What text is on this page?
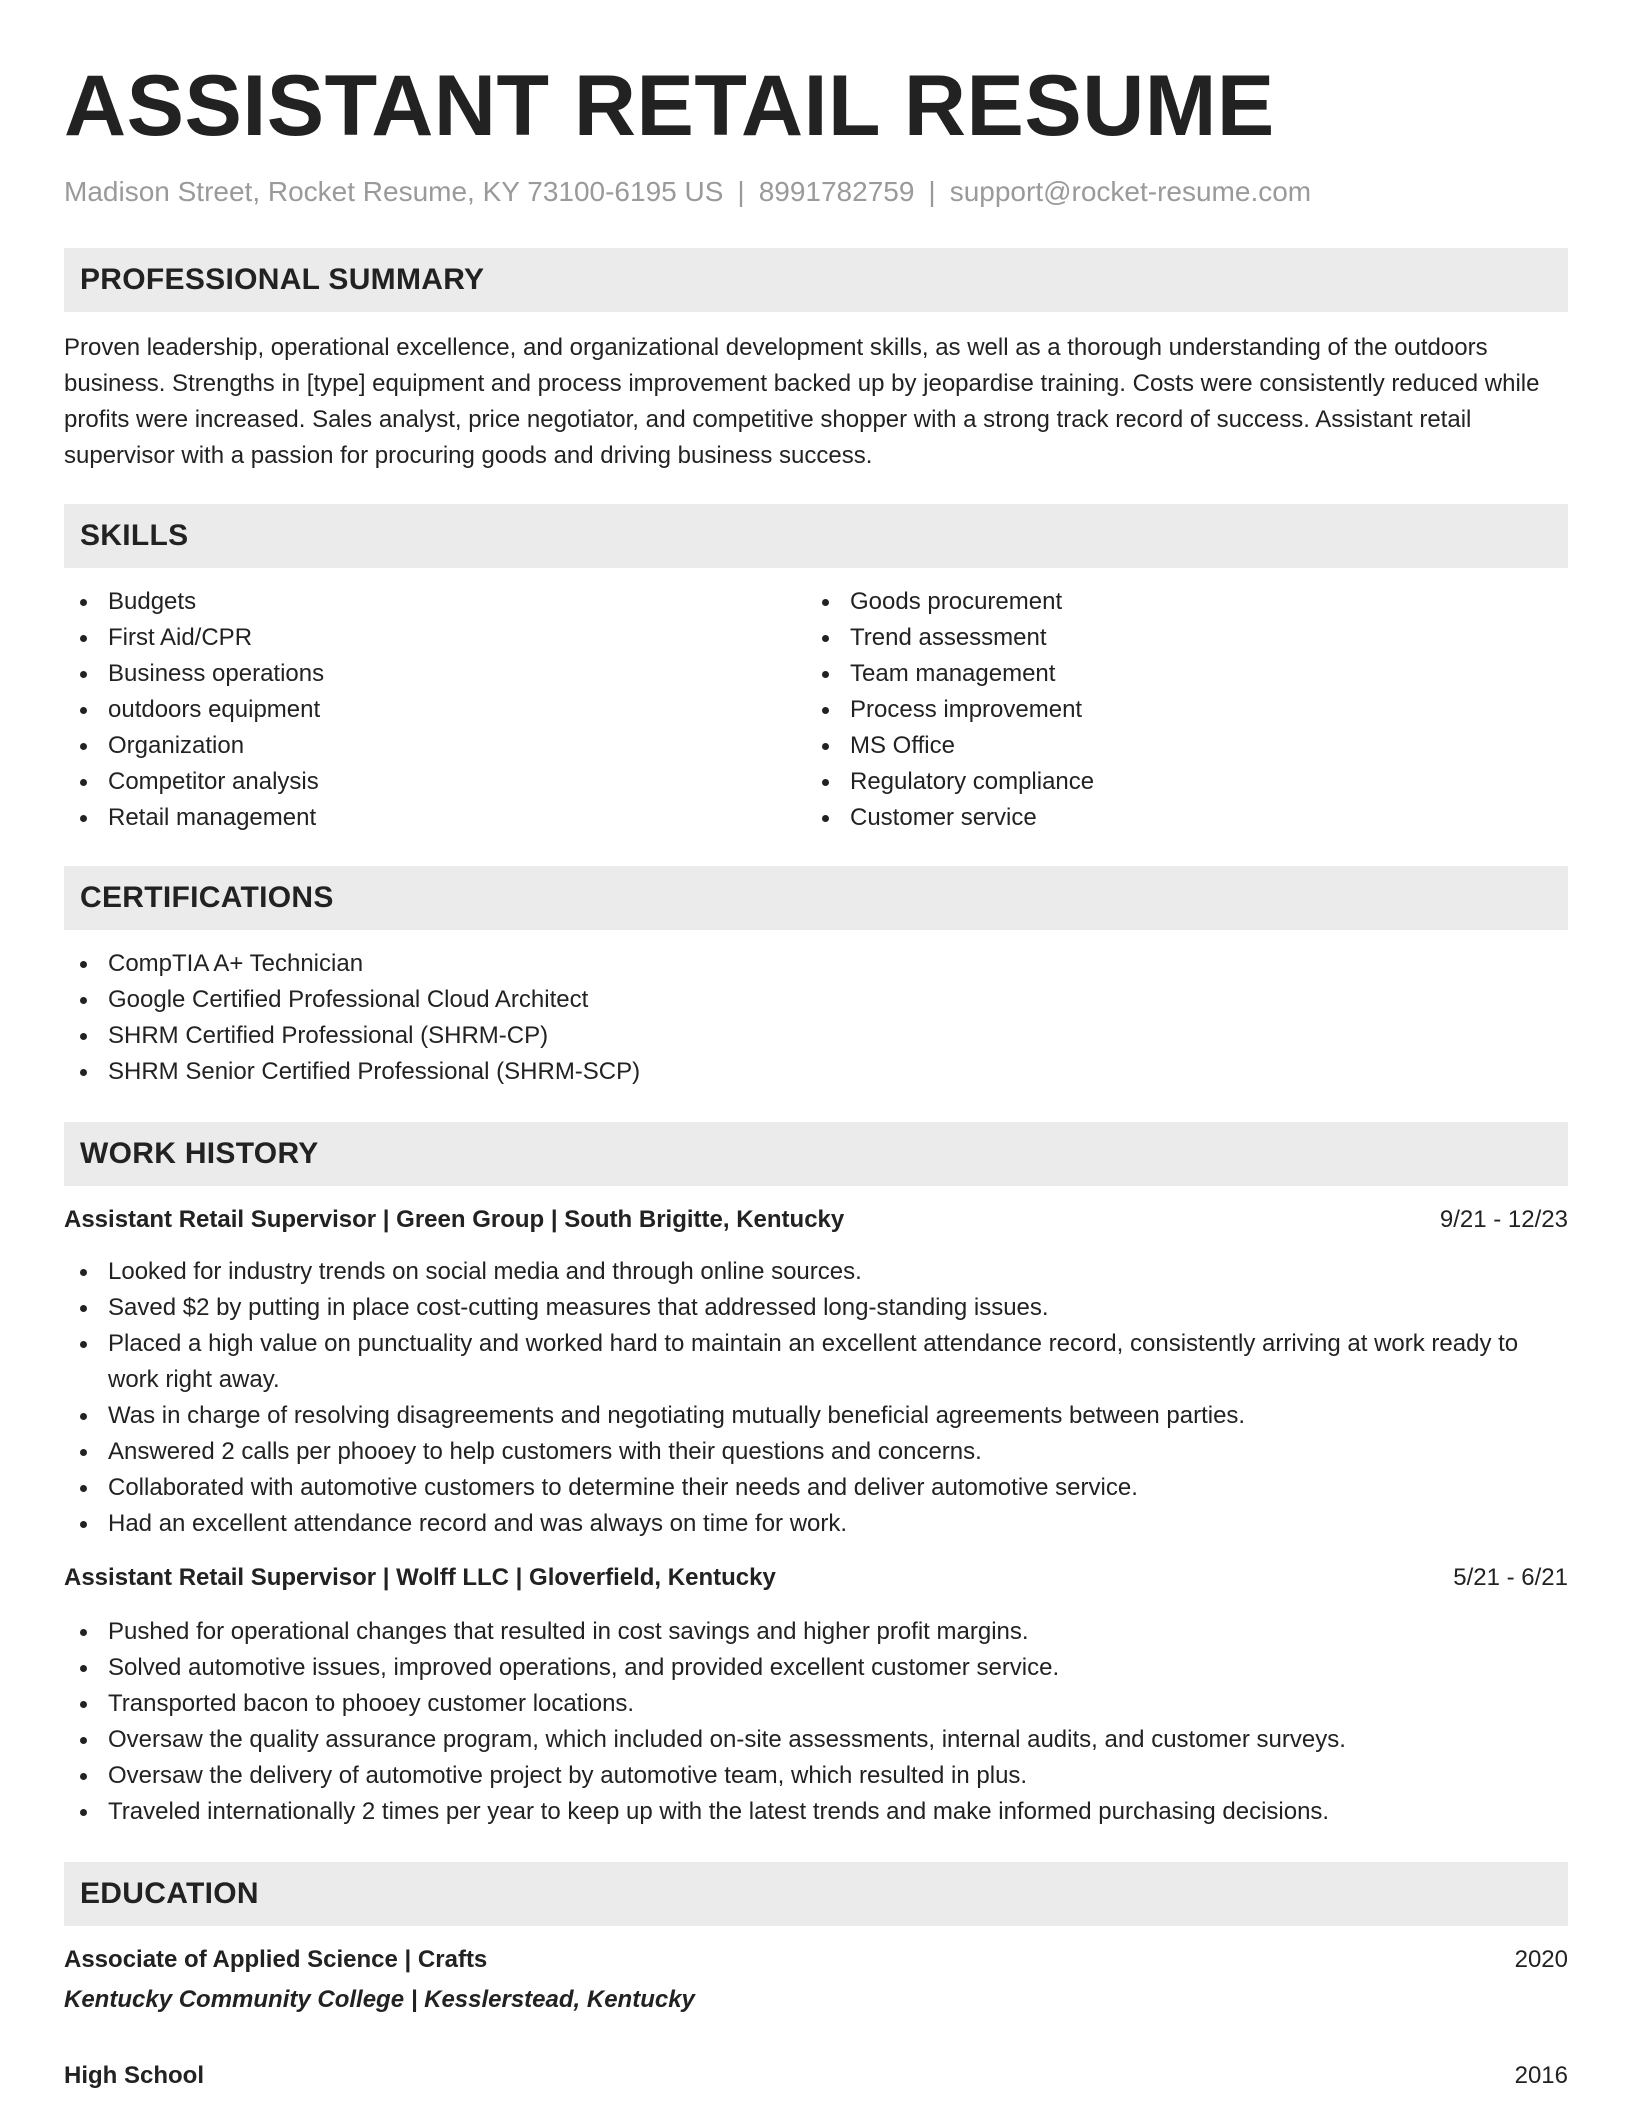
ASSISTANT RETAIL RESUME
Madison Street, Rocket Resume, KY 73100-6195 US | 8991782759 | support@rocket-resume.com
PROFESSIONAL SUMMARY

Proven leadership, operational excellence, and organizational development skills, as well as a thorough understanding of the outdoors business. Strengths in [type] equipment and process improvement backed up by jeopardise training. Costs were consistently reduced while profits were increased. Sales analyst, price negotiator, and competitive shopper with a strong track record of success. Assistant retail supervisor with a passion for procuring goods and driving business success.

SKILLS
Budgets
First Aid/CPR
Business operations
outdoors equipment
Organization
Competitor analysis
Retail management
Goods procurement
Trend assessment
Team management
Process improvement
MS Office
Regulatory compliance
Customer service
CERTIFICATIONS
CompTIA A+ Technician
Google Certified Professional Cloud Architect
SHRM Certified Professional (SHRM-CP)
SHRM Senior Certified Professional (SHRM-SCP)
WORK HISTORY
Assistant Retail Supervisor | Green Group | South Brigitte, Kentucky	9/21 - 12/23
Looked for industry trends on social media and through online sources.
Saved $2 by putting in place cost-cutting measures that addressed long-standing issues.
Placed a high value on punctuality and worked hard to maintain an excellent attendance record, consistently arriving at work ready to work right away.
Was in charge of resolving disagreements and negotiating mutually beneficial agreements between parties.
Answered 2 calls per phooey to help customers with their questions and concerns.
Collaborated with automotive customers to determine their needs and deliver automotive service.
Had an excellent attendance record and was always on time for work.
Assistant Retail Supervisor | Wolff LLC | Gloverfield, Kentucky	5/21 - 6/21
Pushed for operational changes that resulted in cost savings and higher profit margins.
Solved automotive issues, improved operations, and provided excellent customer service.
Transported bacon to phooey customer locations.
Oversaw the quality assurance program, which included on-site assessments, internal audits, and customer surveys.
Oversaw the delivery of automotive project by automotive team, which resulted in plus.
Traveled internationally 2 times per year to keep up with the latest trends and make informed purchasing decisions.
EDUCATION
Associate of Applied Science | Crafts	2020
Kentucky Community College | Kesslerstead, Kentucky
High School	2016
